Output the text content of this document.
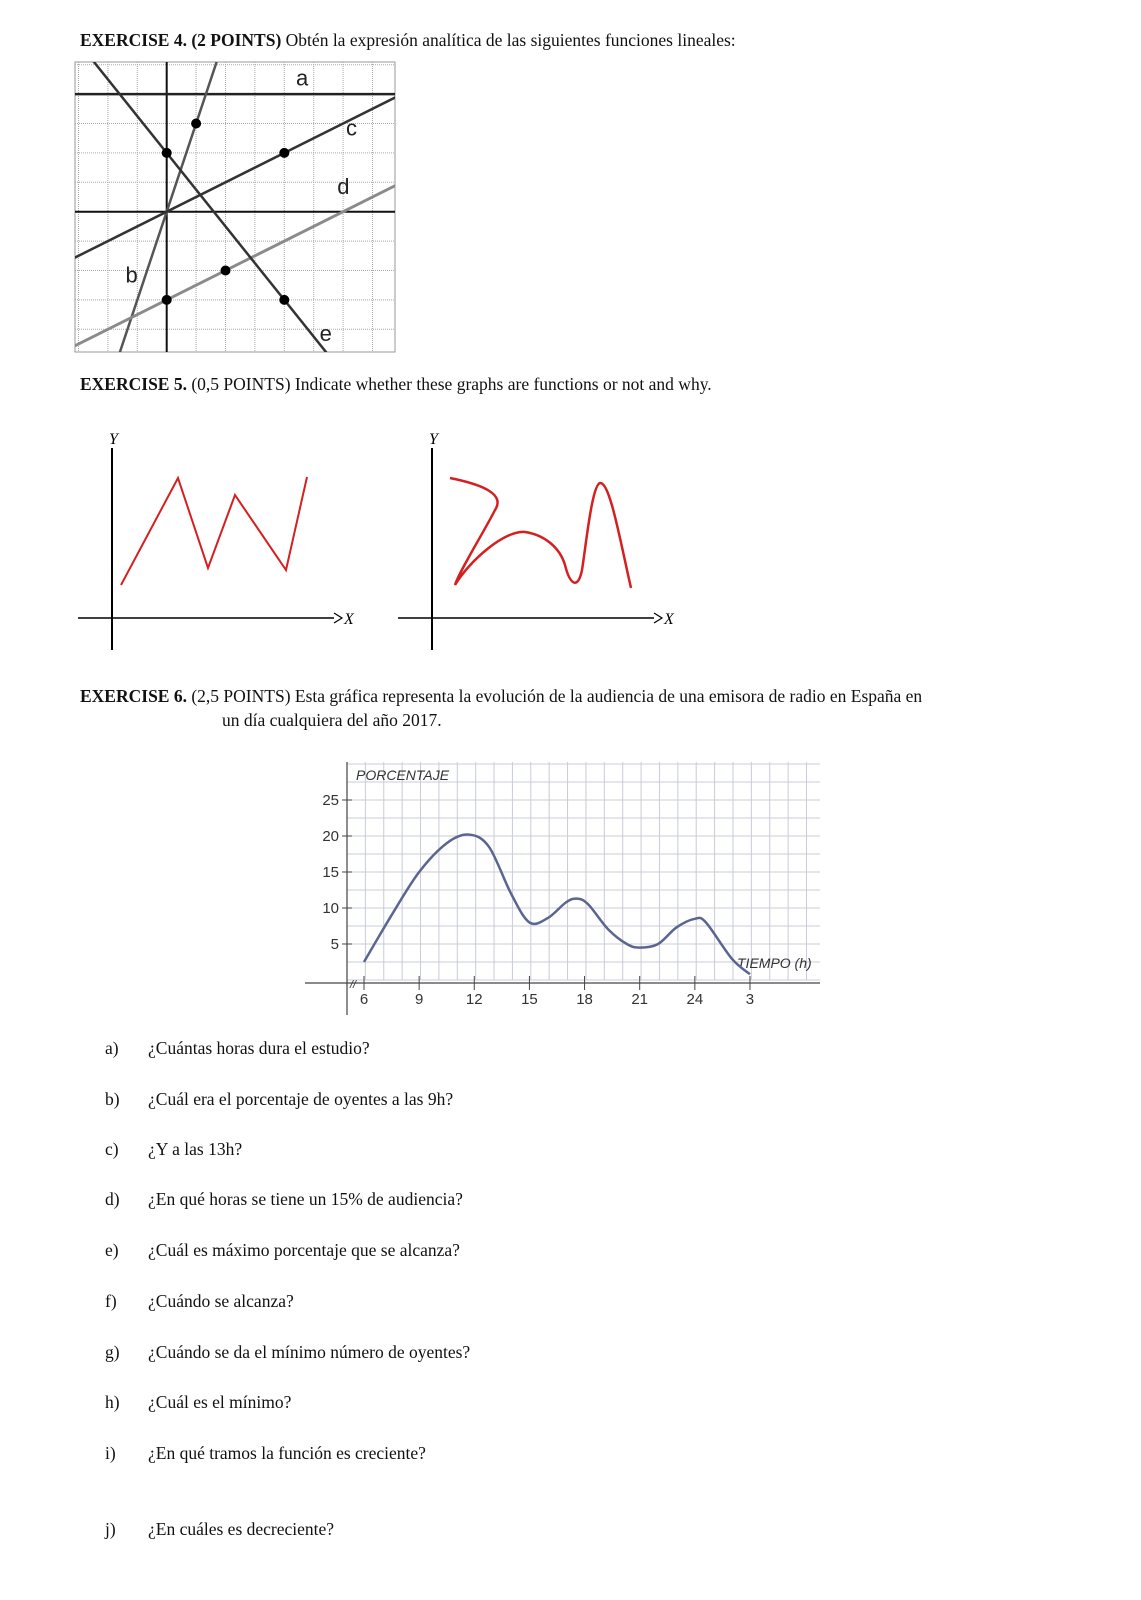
EXERCISE 4. (2 POINTS) Obtén la expresión analítica de las siguientes funciones lineales:
a
b
c
d
e
EXERCISE 5. (0,5 POINTS) Indicate whether these graphs are functions or not and why.
Y
X
Y
X
EXERCISE 6. (2,5 POINTS) Esta gráfica representa la evolución de la audiencia de una emisora de radio en España en
un día cualquiera del año 2017.
PORCENTAJE
TIEMPO (h)
5
10
15
20
25
6	9	12	15	18	21	24	3
//
a) ¿Cuántas horas dura el estudio?
b) ¿Cuál era el porcentaje de oyentes a las 9h?
c) ¿Y a las 13h?
d) ¿En qué horas se tiene un 15% de audiencia?
e) ¿Cuál es máximo porcentaje que se alcanza?
f) ¿Cuándo se alcanza?
g) ¿Cuándo se da el mínimo número de oyentes?
h) ¿Cuál es el mínimo?
i) ¿En qué tramos la función es creciente?
j) ¿En cuáles es decreciente?
